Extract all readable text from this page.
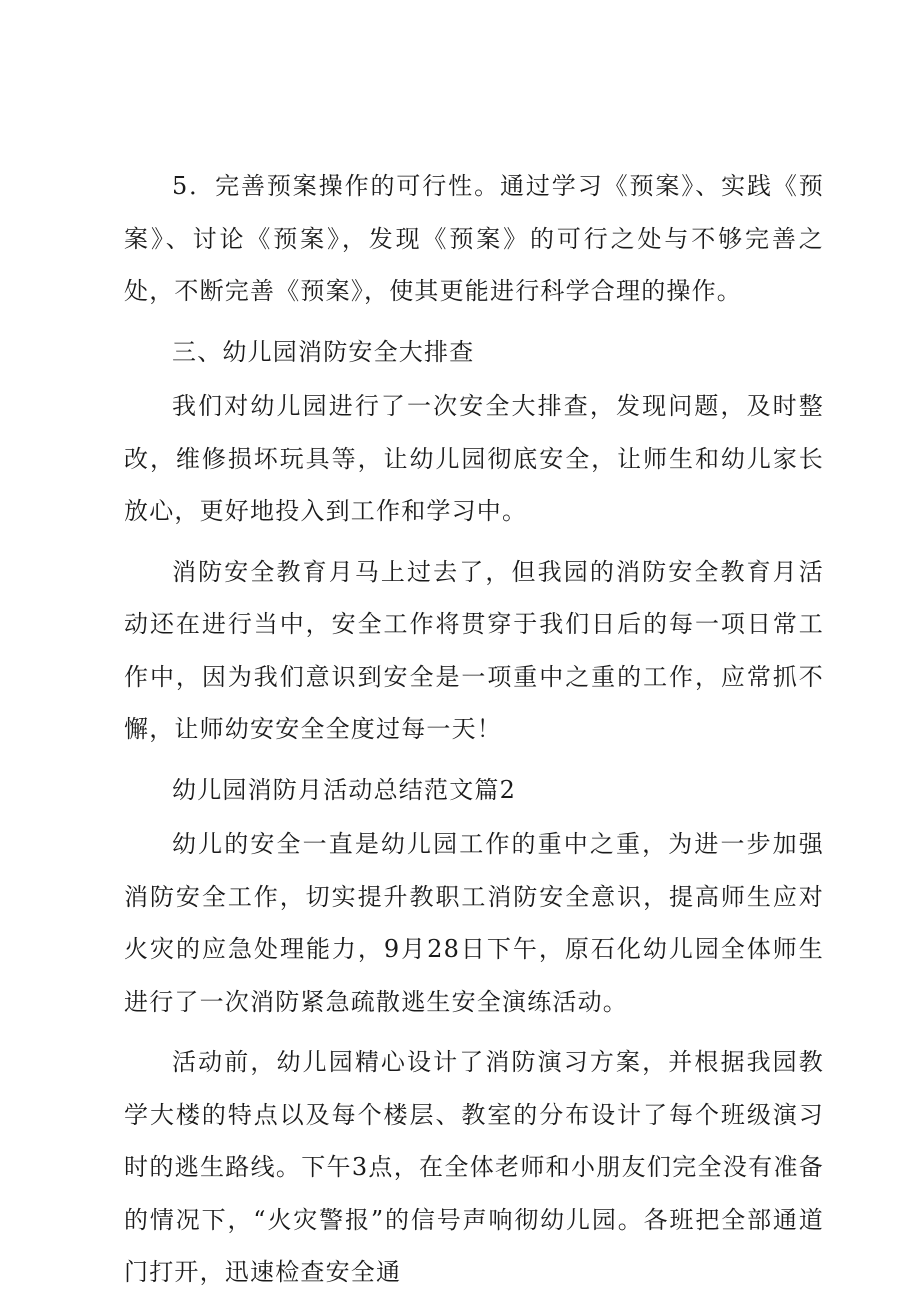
5．完善预案操作的可行性。通过学习《预案》、实践《预案》、讨论《预案》，发现《预案》的可行之处与不够完善之处，不断完善《预案》，使其更能进行科学合理的操作。

三、幼儿园消防安全大排查

我们对幼儿园进行了一次安全大排查，发现问题，及时整改，维修损坏玩具等，让幼儿园彻底安全，让师生和幼儿家长放心，更好地投入到工作和学习中。

消防安全教育月马上过去了，但我园的消防安全教育月活动还在进行当中，安全工作将贯穿于我们日后的每一项日常工作中，因为我们意识到安全是一项重中之重的工作，应常抓不懈，让师幼安安全全度过每一天！

幼儿园消防月活动总结范文篇2

幼儿的安全一直是幼儿园工作的重中之重，为进一步加强消防安全工作，切实提升教职工消防安全意识，提高师生应对火灾的应急处理能力，9月28日下午，原石化幼儿园全体师生进行了一次消防紧急疏散逃生安全演练活动。

活动前，幼儿园精心设计了消防演习方案，并根据我园教学大楼的特点以及每个楼层、教室的分布设计了每个班级演习时的逃生路线。下午3点，在全体老师和小朋友们完全没有准备的情况下，“火灾警报”的信号声响彻幼儿园。各班把全部通道门打开，迅速检查安全通
